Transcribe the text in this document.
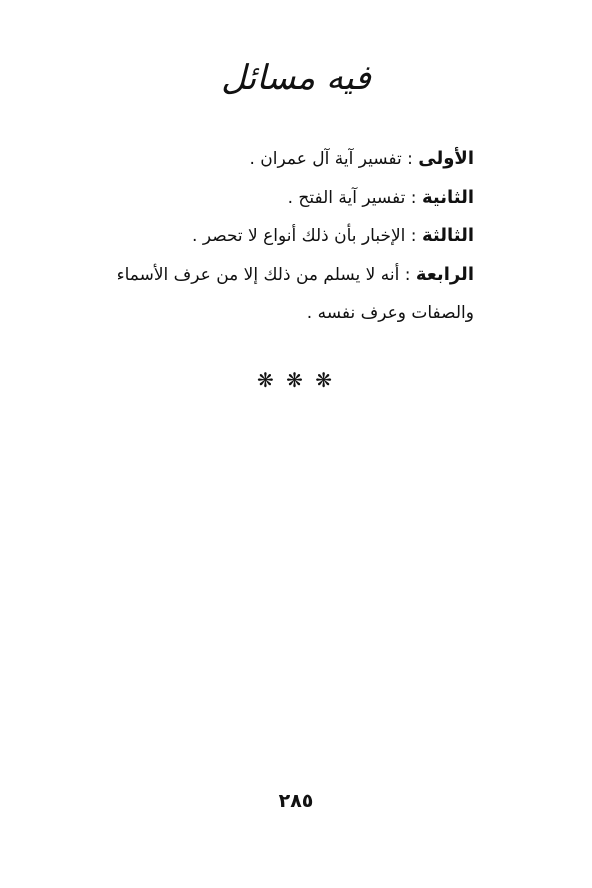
فيه مسائل

الأولى : تفسير آية آل عمران .

الثانية : تفسير آية الفتح .

الثالثة : الإخبار بأن ذلك أنواع لا تحصر .

الرابعة : أنه لا يسلم من ذلك إلا من عرف الأسماء والصفات وعرف نفسه .

❋ ❋ ❋
٢٨٥
